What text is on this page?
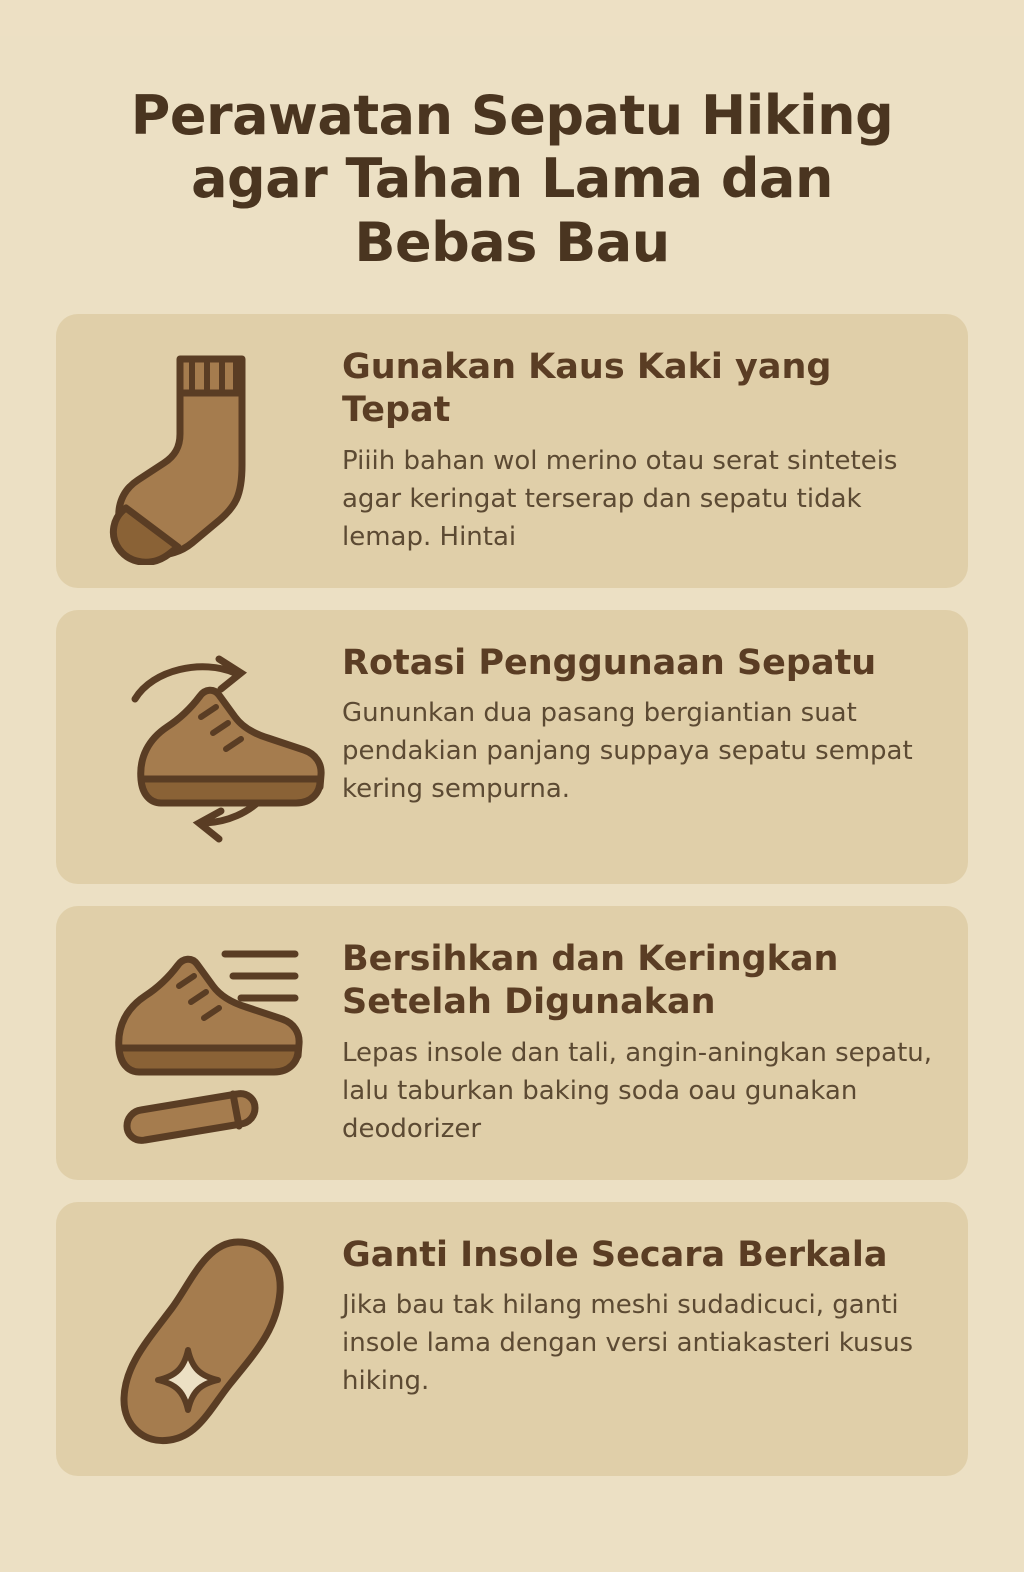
Perawatan Sepatu Hiking
agar Tahan Lama dan
Bebas Bau
Gunakan Kaus Kaki yang Tepat

Piiih bahan wol merino otau serat sinteteis agar keringat terserap dan sepatu tidak lemap. Hintai

Rotasi Penggunaan Sepatu

Gununkan dua pasang bergiantian suat pendakian panjang suppaya sepatu sempat kering sempurna.

Bersihkan dan Keringkan Setelah Digunakan

Lepas insole dan tali, angin-aningkan sepatu, lalu taburkan baking soda oau gunakan deodorizer

Ganti Insole Secara Berkala

Jika bau tak hilang meshi sudadicuci, ganti insole lama dengan versi antiakasteri kusus hiking.
